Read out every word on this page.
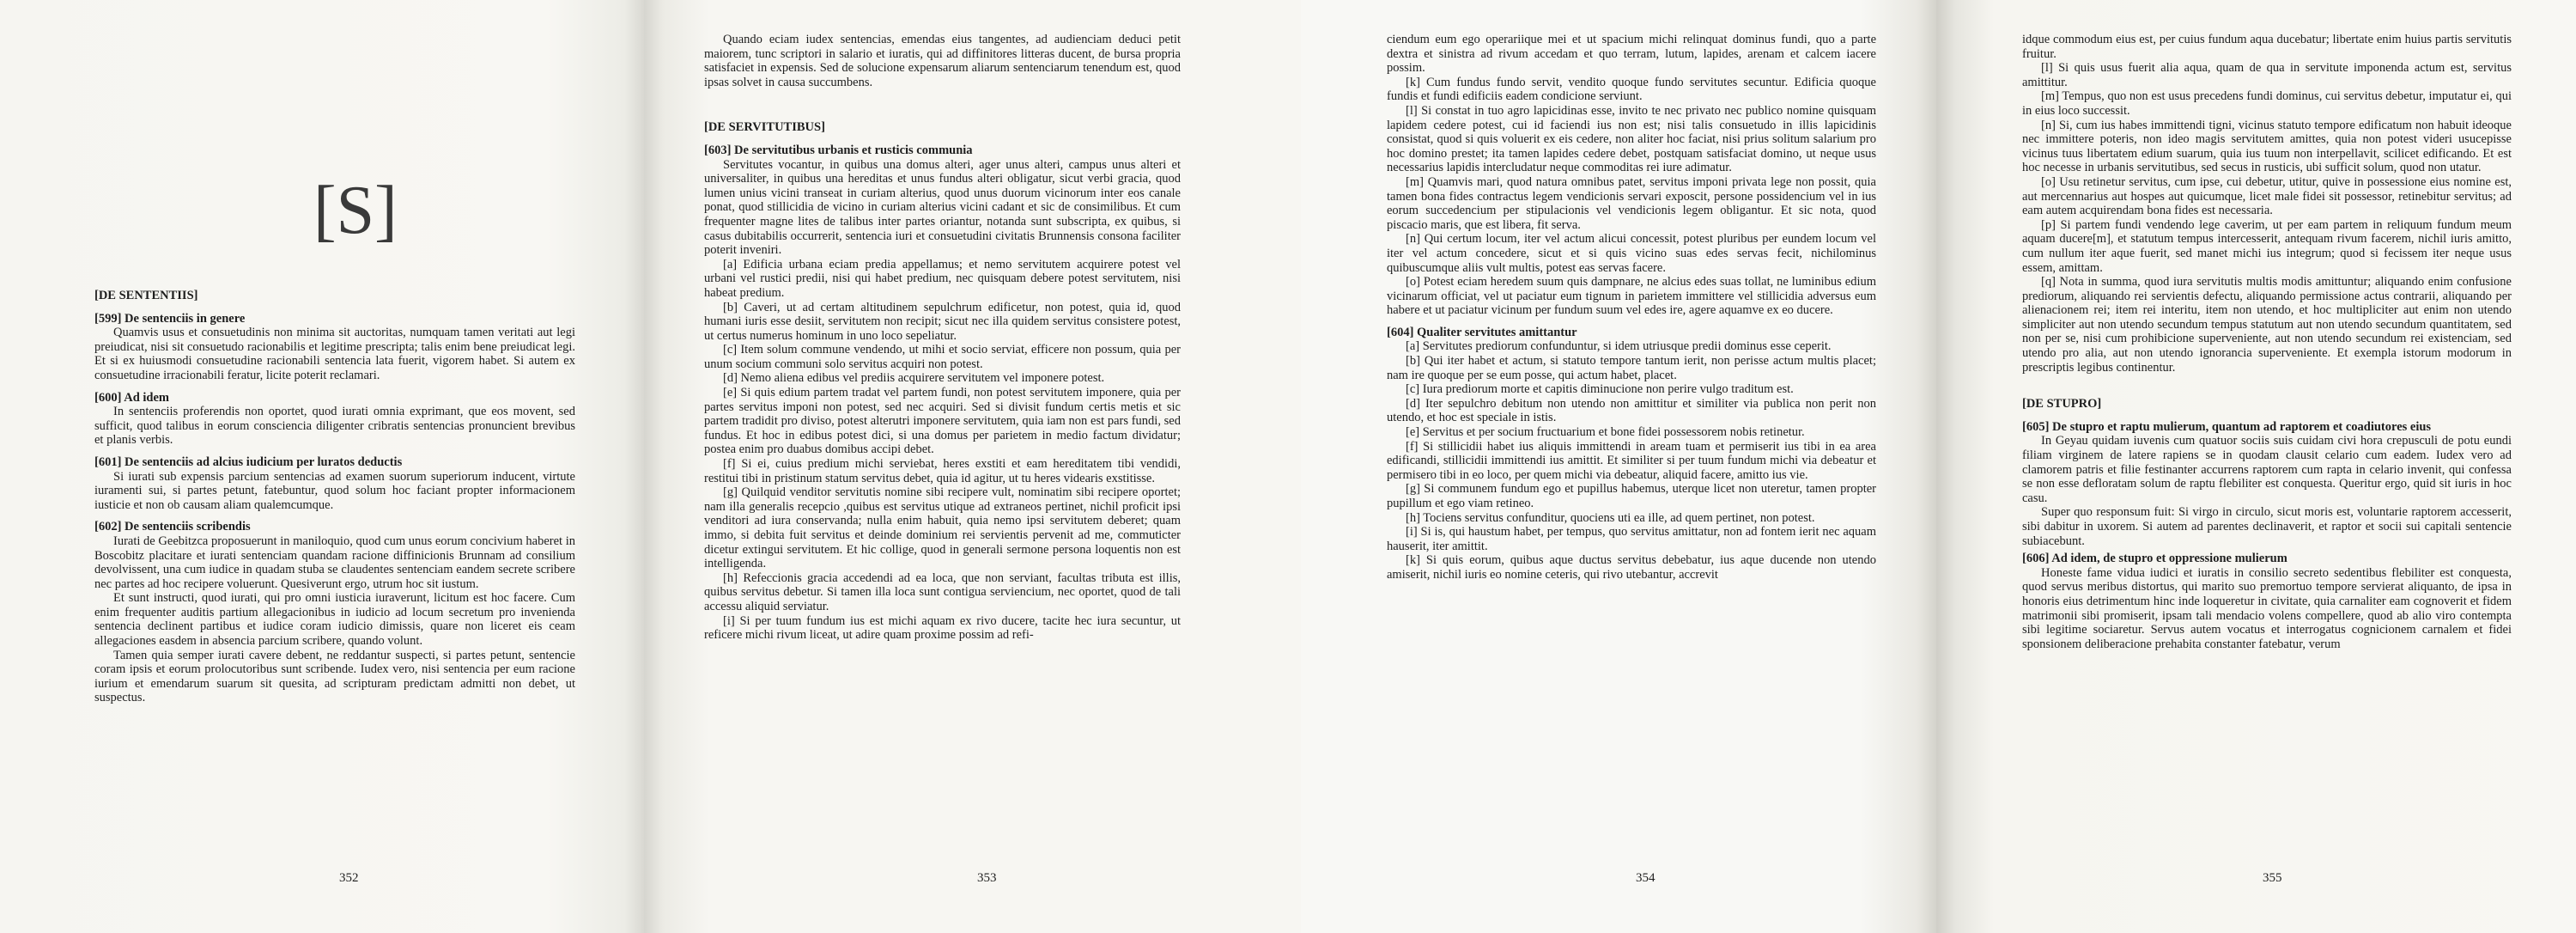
[S]
[DE SENTENTIIS]
[599] De sentenciis in genere

Quamvis usus et consuetudinis non minima sit auctoritas, numquam tamen veritati aut legi preiudicat, nisi sit consuetudo racionabilis et legitime prescripta; talis enim bene preiudicat legi. Et si ex huiusmodi consuetudine racionabili sentencia lata fuerit, vigorem habet. Si autem ex consuetudine irracionabili feratur, licite poterit reclamari.

[600] Ad idem

In sentenciis proferendis non oportet, quod iurati omnia exprimant, que eos movent, sed sufficit, quod talibus in eorum consciencia diligenter cribratis sentencias pronuncient brevibus et planis verbis.

[601] De sentenciis ad alcius iudicium per luratos deductis

Si iurati sub expensis parcium sentencias ad examen suorum superiorum inducent, virtute iuramenti sui, si partes petunt, fatebuntur, quod solum hoc faciant propter informacionem iusticie et non ob causam aliam qualemcumque.

[602] De sentenciis scribendis

Iurati de Geebitzca proposuerunt in maniloquio, quod cum unus eorum concivium haberet in Boscobitz placitare et iurati sentenciam quandam racione diffinicionis Brunnam ad consilium devolvissent, una cum iudice in quadam stuba se claudentes sentenciam eandem secrete scribere nec partes ad hoc recipere voluerunt. Quesiverunt ergo, utrum hoc sit iustum.

Et sunt instructi, quod iurati, qui pro omni iusticia iuraverunt, licitum est hoc facere. Cum enim frequenter auditis partium allegacionibus in iudicio ad locum secretum pro invenienda sentencia declinent partibus et iudice coram iudicio dimissis, quare non liceret eis ceam allegaciones easdem in absencia parcium scribere, quando volunt.

Tamen quia semper iurati cavere debent, ne reddantur suspecti, si partes petunt, sentencie coram ipsis et eorum prolocutoribus sunt scribende. Iudex vero, nisi sentencia per eum racione iurium et emendarum suarum sit quesita, ad scripturam predictam admitti non debet, ut suspectus.

352

Quando eciam iudex sentencias, emendas eius tangentes, ad audienciam deduci petit maiorem, tunc scriptori in salario et iuratis, qui ad diffinitores litteras ducent, de bursa propria satisfaciet in expensis. Sed de solucione expensarum aliarum sentenciarum tenendum est, quod ipsas solvet in causa succumbens.

[DE SERVITUTIBUS]
[603] De servitutibus urbanis et rusticis communia

Servitutes vocantur, in quibus una domus alteri, ager unus alteri, campus unus alteri et universaliter, in quibus una hereditas et unus fundus alteri obligatur, sicut verbi gracia, quod lumen unius vicini transeat in curiam alterius, quod unus duorum vicinorum inter eos canale ponat, quod stillicidia de vicino in curiam alterius vicini cadant et sic de consimilibus. Et cum frequenter magne lites de talibus inter partes oriantur, notanda sunt subscripta, ex quibus, si casus dubitabilis occurrerit, sentencia iuri et consuetudini civitatis Brunnensis consona faciliter poterit inveniri.

[a] Edificia urbana eciam predia appellamus; et nemo servitutem acquirere potest vel urbani vel rustici predii, nisi qui habet predium, nec quisquam debere potest servitutem, nisi habeat predium.

[b] Caveri, ut ad certam altitudinem sepulchrum edificetur, non potest, quia id, quod humani iuris esse desiit, servitutem non recipit; sicut nec illa quidem servitus consistere potest, ut certus numerus hominum in uno loco sepeliatur.

[c] Item solum commune vendendo, ut mihi et socio serviat, efficere non possum, quia per unum socium communi solo servitus acquiri non potest.

[d] Nemo aliena edibus vel prediis acquirere servitutem vel imponere potest.

[e] Si quis edium partem tradat vel partem fundi, non potest servitutem imponere, quia per partes servitus imponi non potest, sed nec acquiri. Sed si divisit fundum certis metis et sic partem tradidit pro diviso, potest alterutri imponere servitutem, quia iam non est pars fundi, sed fundus. Et hoc in edibus potest dici, si una domus per parietem in medio factum dividatur; postea enim pro duabus domibus accipi debet.

[f] Si ei, cuius predium michi serviebat, heres exstiti et eam hereditatem tibi vendidi, restitui tibi in pristinum statum servitus debet, quia id agitur, ut tu heres videaris exstitisse.

[g] Quilquid venditor servitutis nomine sibi recipere vult, nominatim sibi recipere oportet; nam illa generalis recepcio ,quibus est servitus utique ad extraneos pertinet, nichil proficit ipsi venditori ad iura conservanda; nulla enim habuit, quia nemo ipsi servitutem deberet; quam immo, si debita fuit servitus et deinde dominium rei servientis pervenit ad me, commuticter dicetur extingui servitutem. Et hic collige, quod in generali sermone persona loquentis non est intelligenda.

[h] Refeccionis gracia accedendi ad ea loca, que non serviant, facultas tributa est illis, quibus servitus debetur. Si tamen illa loca sunt contigua serviencium, nec oportet, quod de tali accessu aliquid serviatur.

[i] Si per tuum fundum ius est michi aquam ex rivo ducere, tacite hec iura secuntur, ut reficere michi rivum liceat, ut adire quam proxime possim ad refi-

353

ciendum eum ego operariique mei et ut spacium michi relinquat dominus fundi, quo a parte dextra et sinistra ad rivum accedam et quo terram, lutum, lapides, arenam et calcem iacere possim.

[k] Cum fundus fundo servit, vendito quoque fundo servitutes secuntur. Edificia quoque fundis et fundi edificiis eadem condicione serviunt.

[l] Si constat in tuo agro lapicidinas esse, invito te nec privato nec publico nomine quisquam lapidem cedere potest, cui id faciendi ius non est; nisi talis consuetudo in illis lapicidinis consistat, quod si quis voluerit ex eis cedere, non aliter hoc faciat, nisi prius solitum salarium pro hoc domino prestet; ita tamen lapides cedere debet, postquam satisfaciat domino, ut neque usus necessarius lapidis intercludatur neque commoditas rei iure adimatur.

[m] Quamvis mari, quod natura omnibus patet, servitus imponi privata lege non possit, quia tamen bona fides contractus legem vendicionis servari exposcit, persone possidencium vel in ius eorum succedencium per stipulacionis vel vendicionis legem obligantur. Et sic nota, quod piscacio maris, que est libera, fit serva.

[n] Qui certum locum, iter vel actum alicui concessit, potest pluribus per eundem locum vel iter vel actum concedere, sicut et si quis vicino suas edes servas fecit, nichilominus quibuscumque aliis vult multis, potest eas servas facere.

[o] Potest eciam heredem suum quis dampnare, ne alcius edes suas tollat, ne luminibus edium vicinarum officiat, vel ut paciatur eum tignum in parietem immittere vel stillicidia adversus eum habere et ut paciatur vicinum per fundum suum vel edes ire, agere aquamve ex eo ducere.

[604] Qualiter servitutes amittantur

[a] Servitutes prediorum confunduntur, si idem utriusque predii dominus esse ceperit.

[b] Qui iter habet et actum, si statuto tempore tantum ierit, non perisse actum multis placet; nam ire quoque per se eum posse, qui actum habet, placet.

[c] Iura prediorum morte et capitis diminucione non perire vulgo traditum est.

[d] Iter sepulchro debitum non utendo non amittitur et similiter via publica non perit non utendo, et hoc est speciale in istis.

[e] Servitus et per socium fructuarium et bone fidei possessorem nobis retinetur.

[f] Si stillicidii habet ius aliquis immittendi in aream tuam et permiserit ius tibi in ea area edificandi, stillicidii immittendi ius amittit. Et similiter si per tuum fundum michi via debeatur et permisero tibi in eo loco, per quem michi via debeatur, aliquid facere, amitto ius vie.

[g] Si communem fundum ego et pupillus habemus, uterque licet non uteretur, tamen propter pupillum et ego viam retineo.

[h] Tociens servitus confunditur, quociens uti ea ille, ad quem pertinet, non potest.

[i] Si is, qui haustum habet, per tempus, quo servitus amittatur, non ad fontem ierit nec aquam hauserit, iter amittit.

[k] Si quis eorum, quibus aque ductus servitus debebatur, ius aque ducende non utendo amiserit, nichil iuris eo nomine ceteris, qui rivo utebantur, accrevit

354

idque commodum eius est, per cuius fundum aqua ducebatur; libertate enim huius partis servitutis fruitur.

[l] Si quis usus fuerit alia aqua, quam de qua in servitute imponenda actum est, servitus amittitur.

[m] Tempus, quo non est usus precedens fundi dominus, cui servitus debetur, imputatur ei, qui in eius loco successit.

[n] Si, cum ius habes immittendi tigni, vicinus statuto tempore edificatum non habuit ideoque nec immittere poteris, non ideo magis servitutem amittes, quia non potest videri usucepisse vicinus tuus libertatem edium suarum, quia ius tuum non interpellavit, scilicet edificando. Et est hoc necesse in urbanis servitutibus, sed secus in rusticis, ubi sufficit solum, quod non utatur.

[o] Usu retinetur servitus, cum ipse, cui debetur, utitur, quive in possessione eius nomine est, aut mercennarius aut hospes aut quicumque, licet male fidei sit possessor, retinebitur servitus; ad eam autem acquirendam bona fides est necessaria.

[p] Si partem fundi vendendo lege caverim, ut per eam partem in reliquum fundum meum aquam ducere[m], et statutum tempus intercesserit, antequam rivum facerem, nichil iuris amitto, cum nullum iter aque fuerit, sed manet michi ius integrum; quod si fecissem iter neque usus essem, amittam.

[q] Nota in summa, quod iura servitutis multis modis amittuntur; aliquando enim confusione prediorum, aliquando rei servientis defectu, aliquando permissione actus contrarii, aliquando per alienacionem rei; item rei interitu, item non utendo, et hoc multipliciter aut enim non utendo simpliciter aut non utendo secundum tempus statutum aut non utendo secundum quantitatem, sed non per se, nisi cum prohibicione superveniente, aut non utendo secundum rei existenciam, sed utendo pro alia, aut non utendo ignorancia superveniente. Et exempla istorum modorum in prescriptis legibus continentur.

[DE STUPRO]
[605] De stupro et raptu mulierum, quantum ad raptorem et coadiutores eius

In Geyau quidam iuvenis cum quatuor sociis suis cuidam civi hora crepusculi de potu eundi filiam virginem de latere rapiens se in quodam clausit celario cum eadem. Iudex vero ad clamorem patris et filie festinanter accurrens raptorem cum rapta in celario invenit, qui confessa se non esse defloratam solum de raptu flebiliter est conquesta. Queritur ergo, quid sit iuris in hoc casu.

Super quo responsum fuit: Si virgo in circulo, sicut moris est, voluntarie raptorem accesserit, sibi dabitur in uxorem. Si autem ad parentes declinaverit, et raptor et socii sui capitali sentencie subiacebunt.

[606] Ad idem, de stupro et oppressione mulierum

Honeste fame vidua iudici et iuratis in consilio secreto sedentibus flebiliter est conquesta, quod servus meribus distortus, qui marito suo premortuo tempore servierat aliquanto, de ipsa in honoris eius detrimentum hinc inde loqueretur in civitate, quia carnaliter eam cognoverit et fidem matrimonii sibi promiserit, ipsam tali mendacio volens compellere, quod ab alio viro contempta sibi legitime sociaretur. Servus autem vocatus et interrogatus cognicionem carnalem et fidei sponsionem deliberacione prehabita constanter fatebatur, verum

355
